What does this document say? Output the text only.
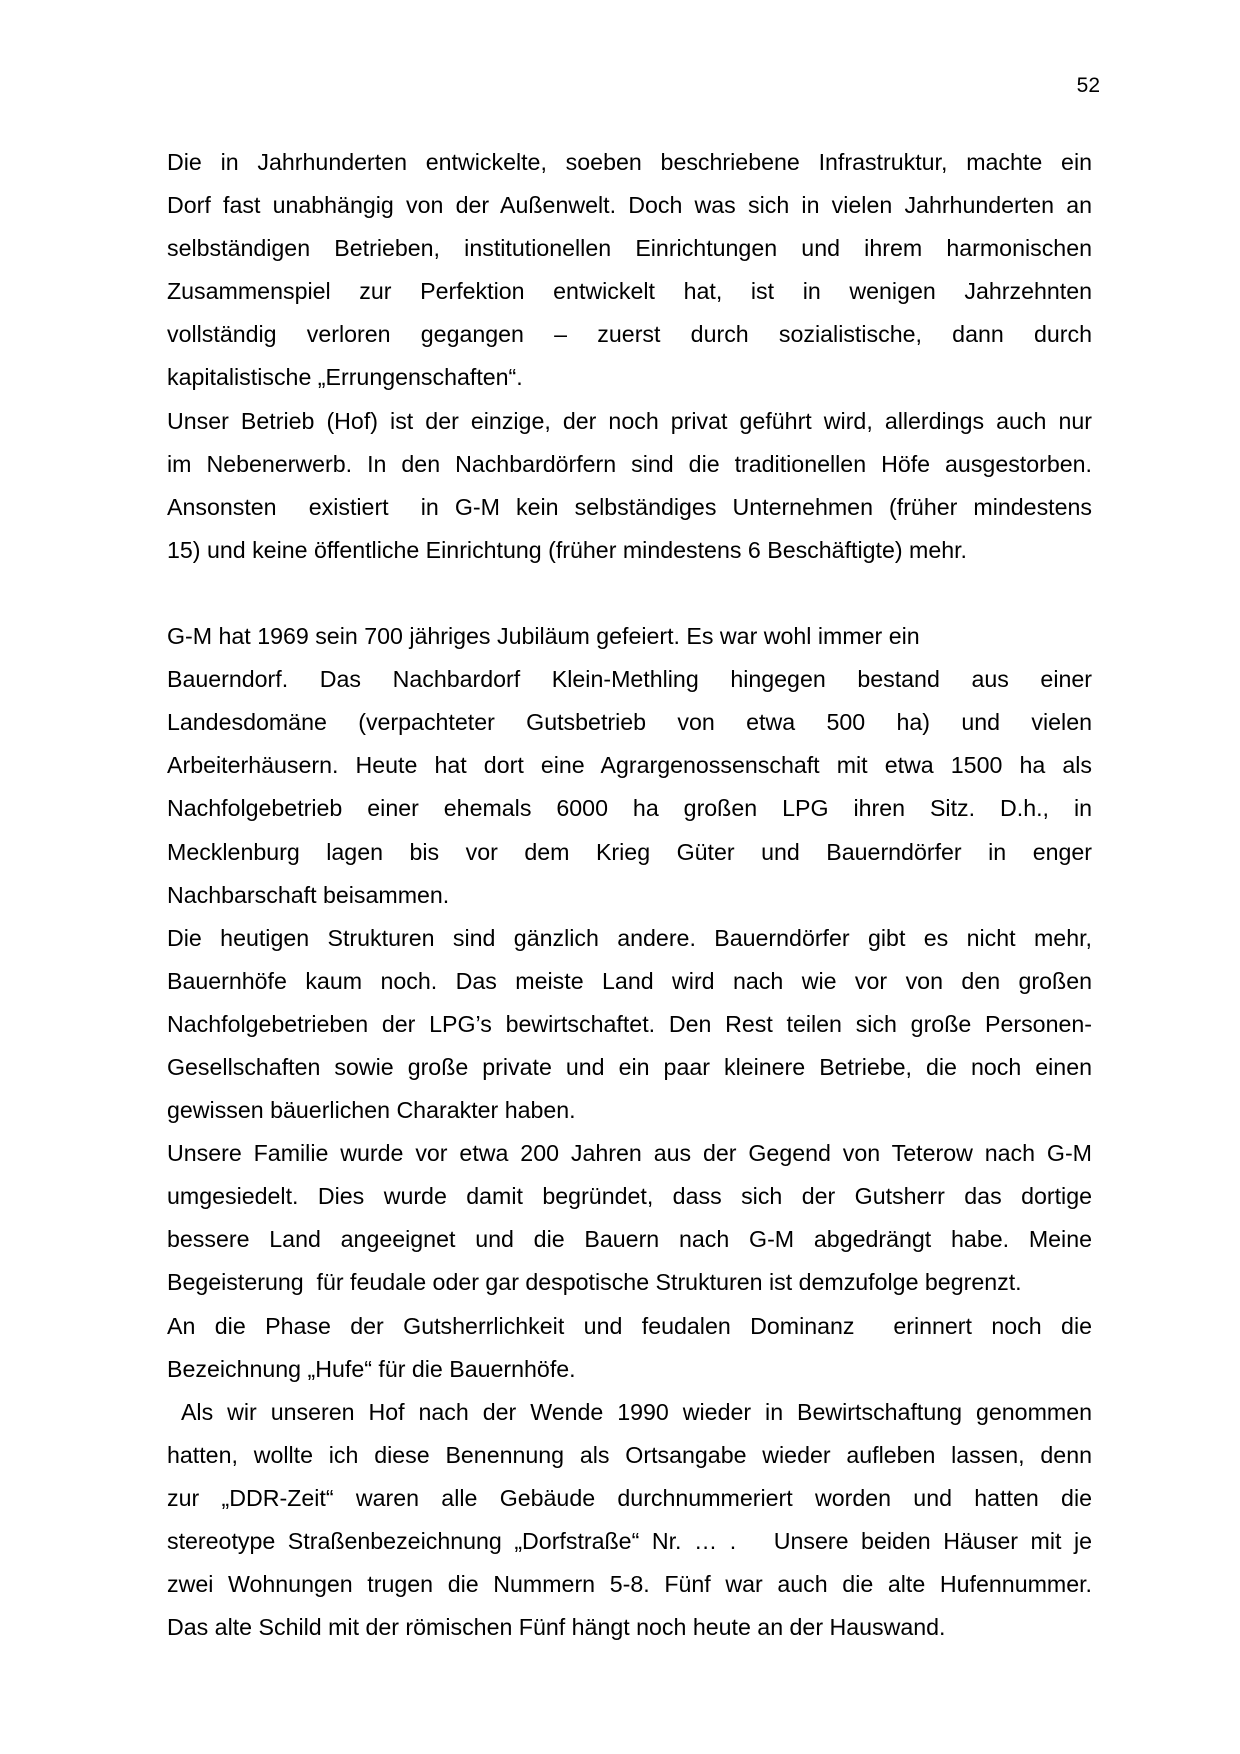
52
Die in Jahrhunderten entwickelte, soeben beschriebene Infrastruktur, machte ein
Dorf fast unabhängig von der Außenwelt. Doch was sich in vielen Jahrhunderten an
selbständigen Betrieben, institutionellen Einrichtungen und ihrem harmonischen
Zusammenspiel zur Perfektion entwickelt hat, ist in wenigen Jahrzehnten
vollständig verloren gegangen – zuerst durch sozialistische, dann durch
kapitalistische „Errungenschaften“.
Unser Betrieb (Hof) ist der einzige, der noch privat geführt wird, allerdings auch nur
im Nebenerwerb. In den Nachbardörfern sind die traditionellen Höfe ausgestorben.
Ansonsten  existiert  in G-M kein selbständiges Unternehmen (früher mindestens
15) und keine öffentliche Einrichtung (früher mindestens 6 Beschäftigte) mehr.
G-M hat 1969 sein 700 jähriges Jubiläum gefeiert. Es war wohl immer ein
Bauerndorf. Das Nachbardorf Klein-Methling hingegen bestand aus einer
Landesdomäne (verpachteter Gutsbetrieb von etwa 500 ha) und vielen
Arbeiterhäusern. Heute hat dort eine Agrargenossenschaft mit etwa 1500 ha als
Nachfolgebetrieb einer ehemals 6000 ha großen LPG ihren Sitz. D.h., in
Mecklenburg lagen bis vor dem Krieg Güter und Bauerndörfer in enger
Nachbarschaft beisammen.
Die heutigen Strukturen sind gänzlich andere. Bauerndörfer gibt es nicht mehr,
Bauernhöfe kaum noch. Das meiste Land wird nach wie vor von den großen
Nachfolgebetrieben der LPG’s bewirtschaftet. Den Rest teilen sich große Personen-
Gesellschaften sowie große private und ein paar kleinere Betriebe, die noch einen
gewissen bäuerlichen Charakter haben.
Unsere Familie wurde vor etwa 200 Jahren aus der Gegend von Teterow nach G-M
umgesiedelt. Dies wurde damit begründet, dass sich der Gutsherr das dortige
bessere Land angeeignet und die Bauern nach G-M abgedrängt habe. Meine
Begeisterung  für feudale oder gar despotische Strukturen ist demzufolge begrenzt.
An die Phase der Gutsherrlichkeit und feudalen Dominanz  erinnert noch die
Bezeichnung „Hufe“ für die Bauernhöfe.
Als wir unseren Hof nach der Wende 1990 wieder in Bewirtschaftung genommen
hatten, wollte ich diese Benennung als Ortsangabe wieder aufleben lassen, denn
zur „DDR-Zeit“ waren alle Gebäude durchnummeriert worden und hatten die
stereotype Straßenbezeichnung „Dorfstraße“ Nr. … .   Unsere beiden Häuser mit je
zwei Wohnungen trugen die Nummern 5-8. Fünf war auch die alte Hufennummer.
Das alte Schild mit der römischen Fünf hängt noch heute an der Hauswand.
